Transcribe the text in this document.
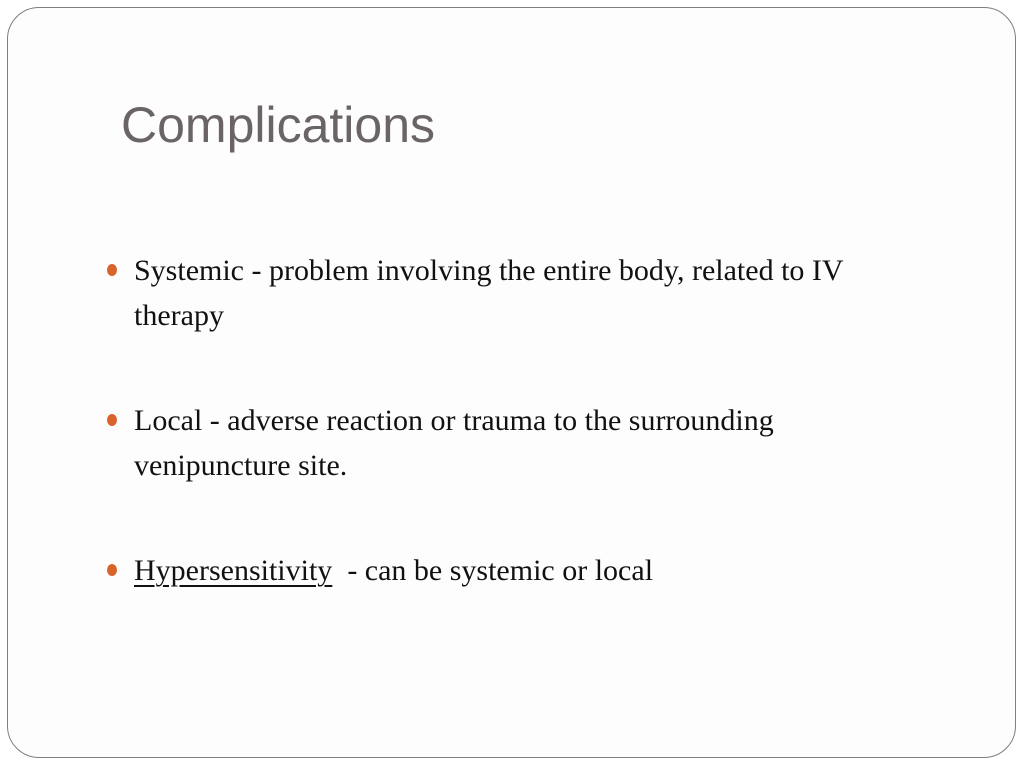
Complications
Systemic - problem involving the entire body, related to IV therapy
Local - adverse reaction or trauma to the surrounding venipuncture site.
Hypersensitivity  - can be systemic or local
